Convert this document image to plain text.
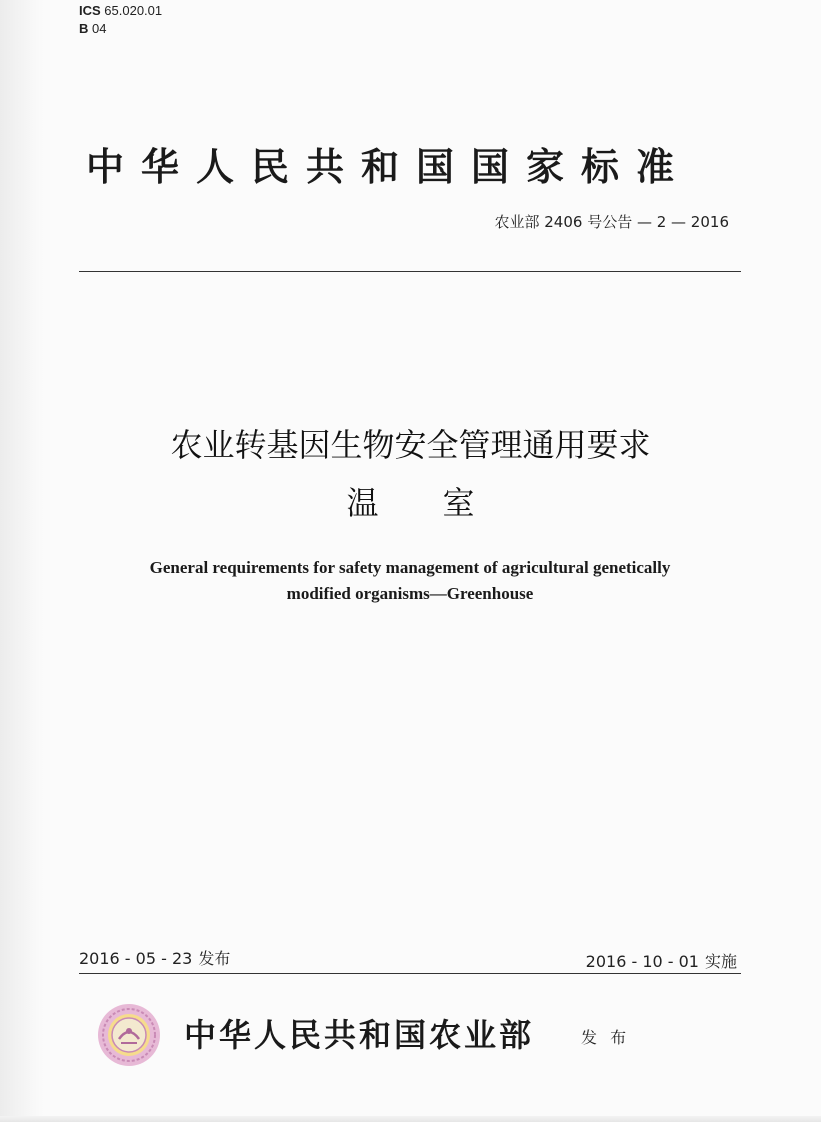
ICS 65.020.01
B 04
中华人民共和国国家标准
农业部 2406 号公告 — 2 — 2016
农业转基因生物安全管理通用要求
温　　室
General requirements for safety management of agricultural genetically
modified organisms—Greenhouse
2016 - 05 - 23 发布	2016 - 10 - 01 实施
中华人民共和国农业部	发 布
